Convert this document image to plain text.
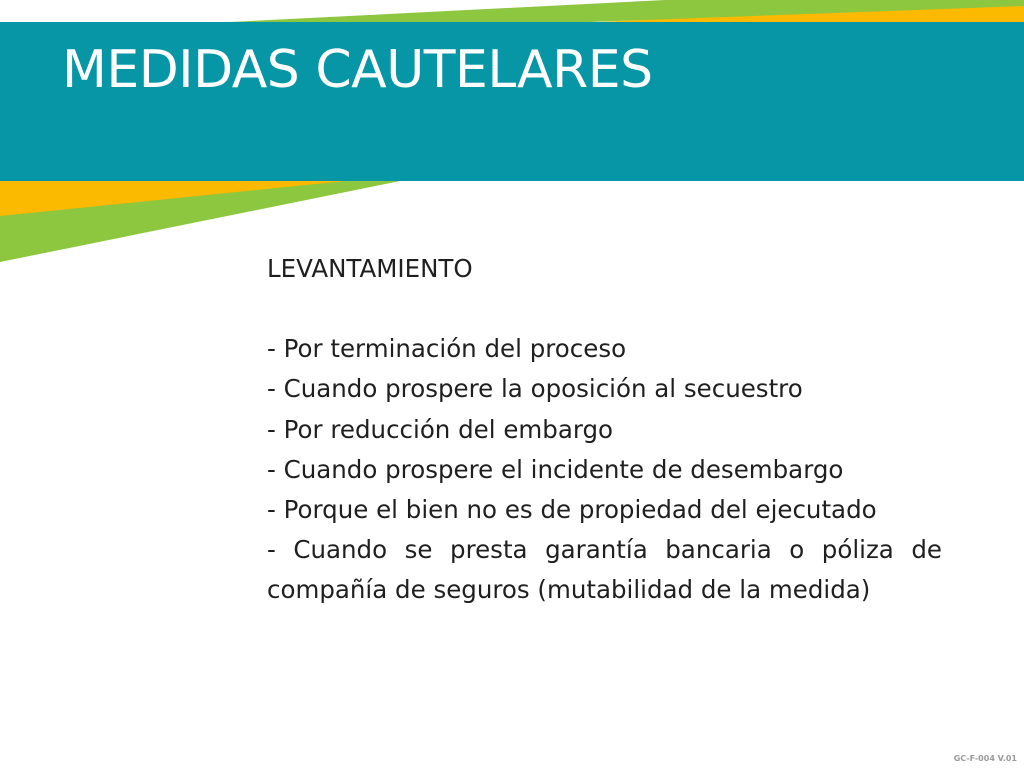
MEDIDAS CAUTELARES

LEVANTAMIENTO

- Por terminación del proceso

- Cuando prospere la oposición al secuestro

- Por reducción del embargo

- Cuando prospere el incidente de desembargo

- Porque el bien no es de propiedad del ejecutado

- Cuando se presta garantía bancaria o póliza de compañía de seguros (mutabilidad de la medida)

GC-F-004 V.01
